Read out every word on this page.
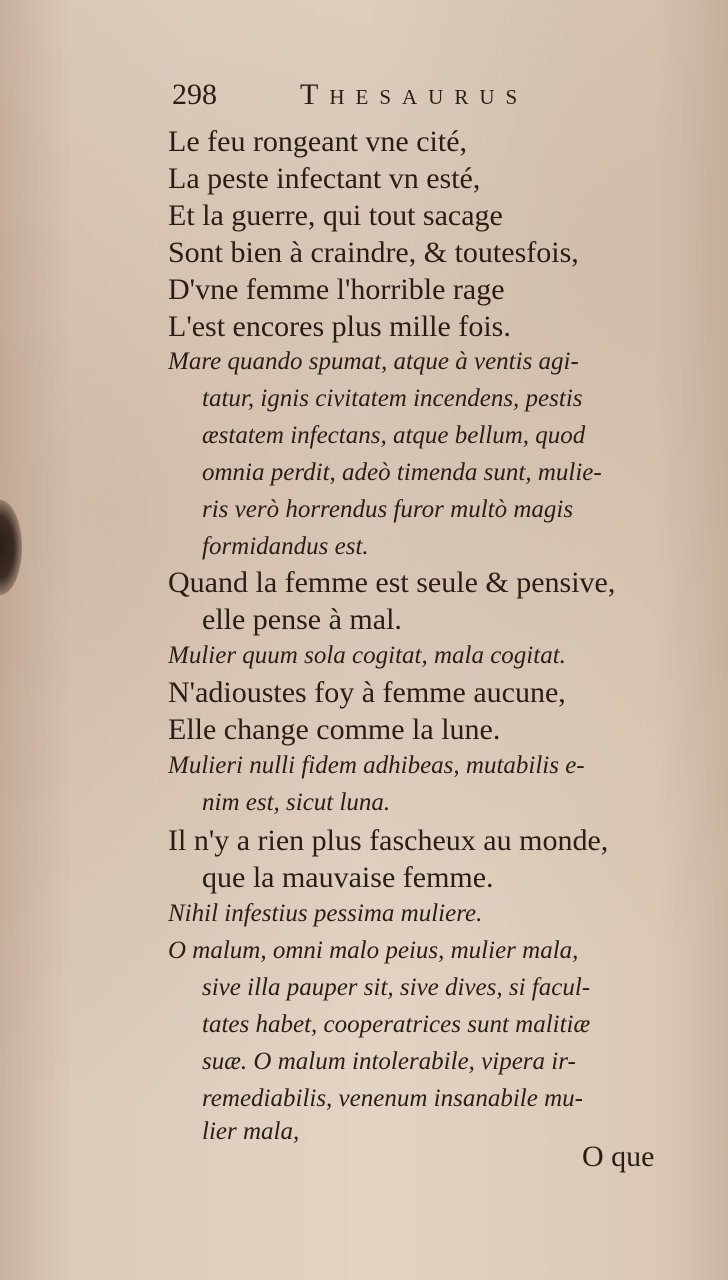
298	Thesaurus
Le feu rongeant vne cité,
La peste infectant vn esté,
Et la guerre, qui tout sacage
Sont bien à craindre, & toutesfois,
D'vne femme l'horrible rage
L'est encores plus mille fois.
Mare quando spumat, atque à ventis agi-
tatur, ignis civitatem incendens, pestis
æstatem infectans, atque bellum, quod
omnia perdit, adeò timenda sunt, mulie-
ris verò horrendus furor multò magis
formidandus est.
Quand la femme est seule & pensive,
elle pense à mal.
Mulier quum sola cogitat, mala cogitat.
N'adioustes foy à femme aucune,
Elle change comme la lune.
Mulieri nulli fidem adhibeas, mutabilis e-
nim est, sicut luna.
Il n'y a rien plus fascheux au monde,
que la mauvaise femme.
Nihil infestius pessima muliere.
O malum, omni malo peius, mulier mala,
sive illa pauper sit, sive dives, si facul-
tates habet, cooperatrices sunt malitiæ
suæ. O malum intolerabile, vipera ir-
remediabilis, venenum insanabile mu-
lier mala,
O que
